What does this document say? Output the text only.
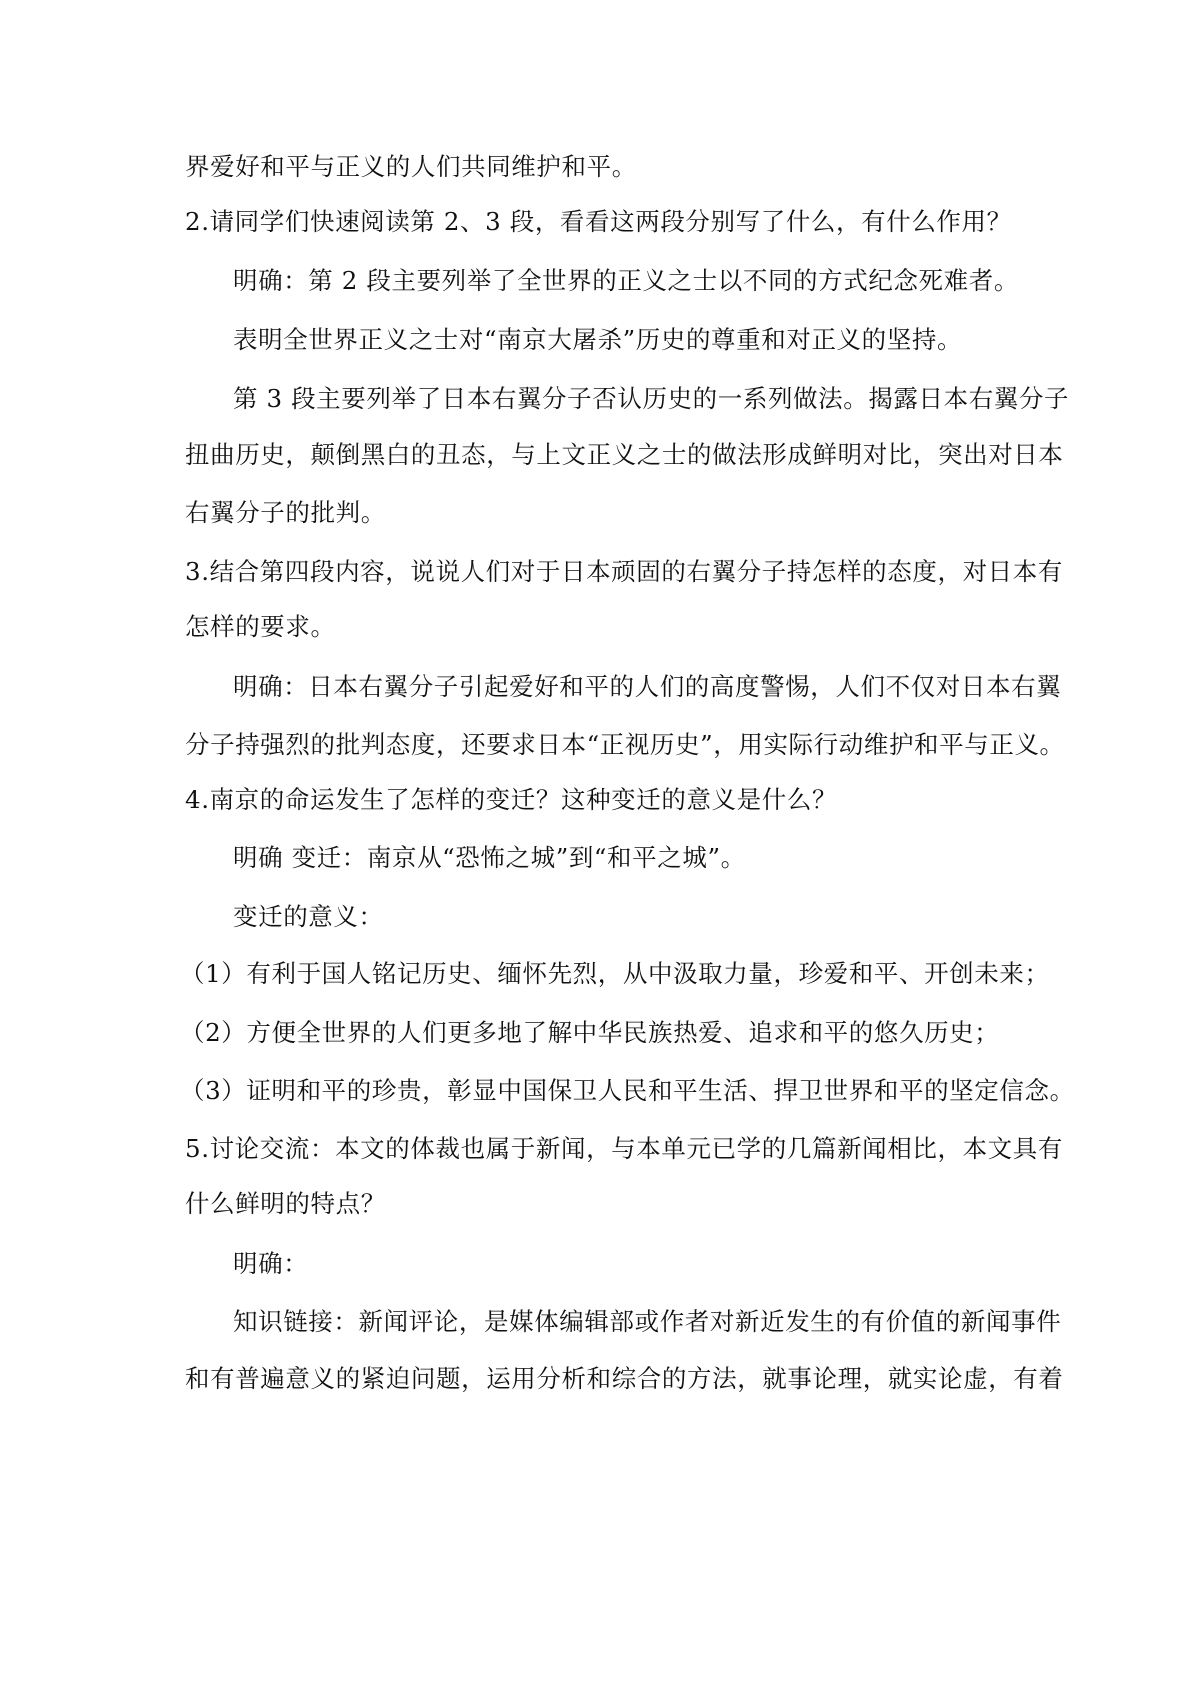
界爱好和平与正义的人们共同维护和平。
2.请同学们快速阅读第 2、3 段，看看这两段分别写了什么，有什么作用？
明确：第 2 段主要列举了全世界的正义之士以不同的方式纪念死难者。
表明全世界正义之士对“南京大屠杀”历史的尊重和对正义的坚持。
第 3 段主要列举了日本右翼分子否认历史的一系列做法。揭露日本右翼分子
扭曲历史，颠倒黑白的丑态，与上文正义之士的做法形成鲜明对比，突出对日本
右翼分子的批判。
3.结合第四段内容，说说人们对于日本顽固的右翼分子持怎样的态度，对日本有
怎样的要求。
明确：日本右翼分子引起爱好和平的人们的高度警惕，人们不仅对日本右翼
分子持强烈的批判态度，还要求日本“正视历史”，用实际行动维护和平与正义。
4.南京的命运发生了怎样的变迁？这种变迁的意义是什么？
明确 变迁：南京从“恐怖之城”到“和平之城”。
变迁的意义：
（1）有利于国人铭记历史、缅怀先烈，从中汲取力量，珍爱和平、开创未来；
（2）方便全世界的人们更多地了解中华民族热爱、追求和平的悠久历史；
（3）证明和平的珍贵，彰显中国保卫人民和平生活、捍卫世界和平的坚定信念。
5.讨论交流：本文的体裁也属于新闻，与本单元已学的几篇新闻相比，本文具有
什么鲜明的特点？
明确：
知识链接：新闻评论，是媒体编辑部或作者对新近发生的有价值的新闻事件
和有普遍意义的紧迫问题，运用分析和综合的方法，就事论理，就实论虚，有着
